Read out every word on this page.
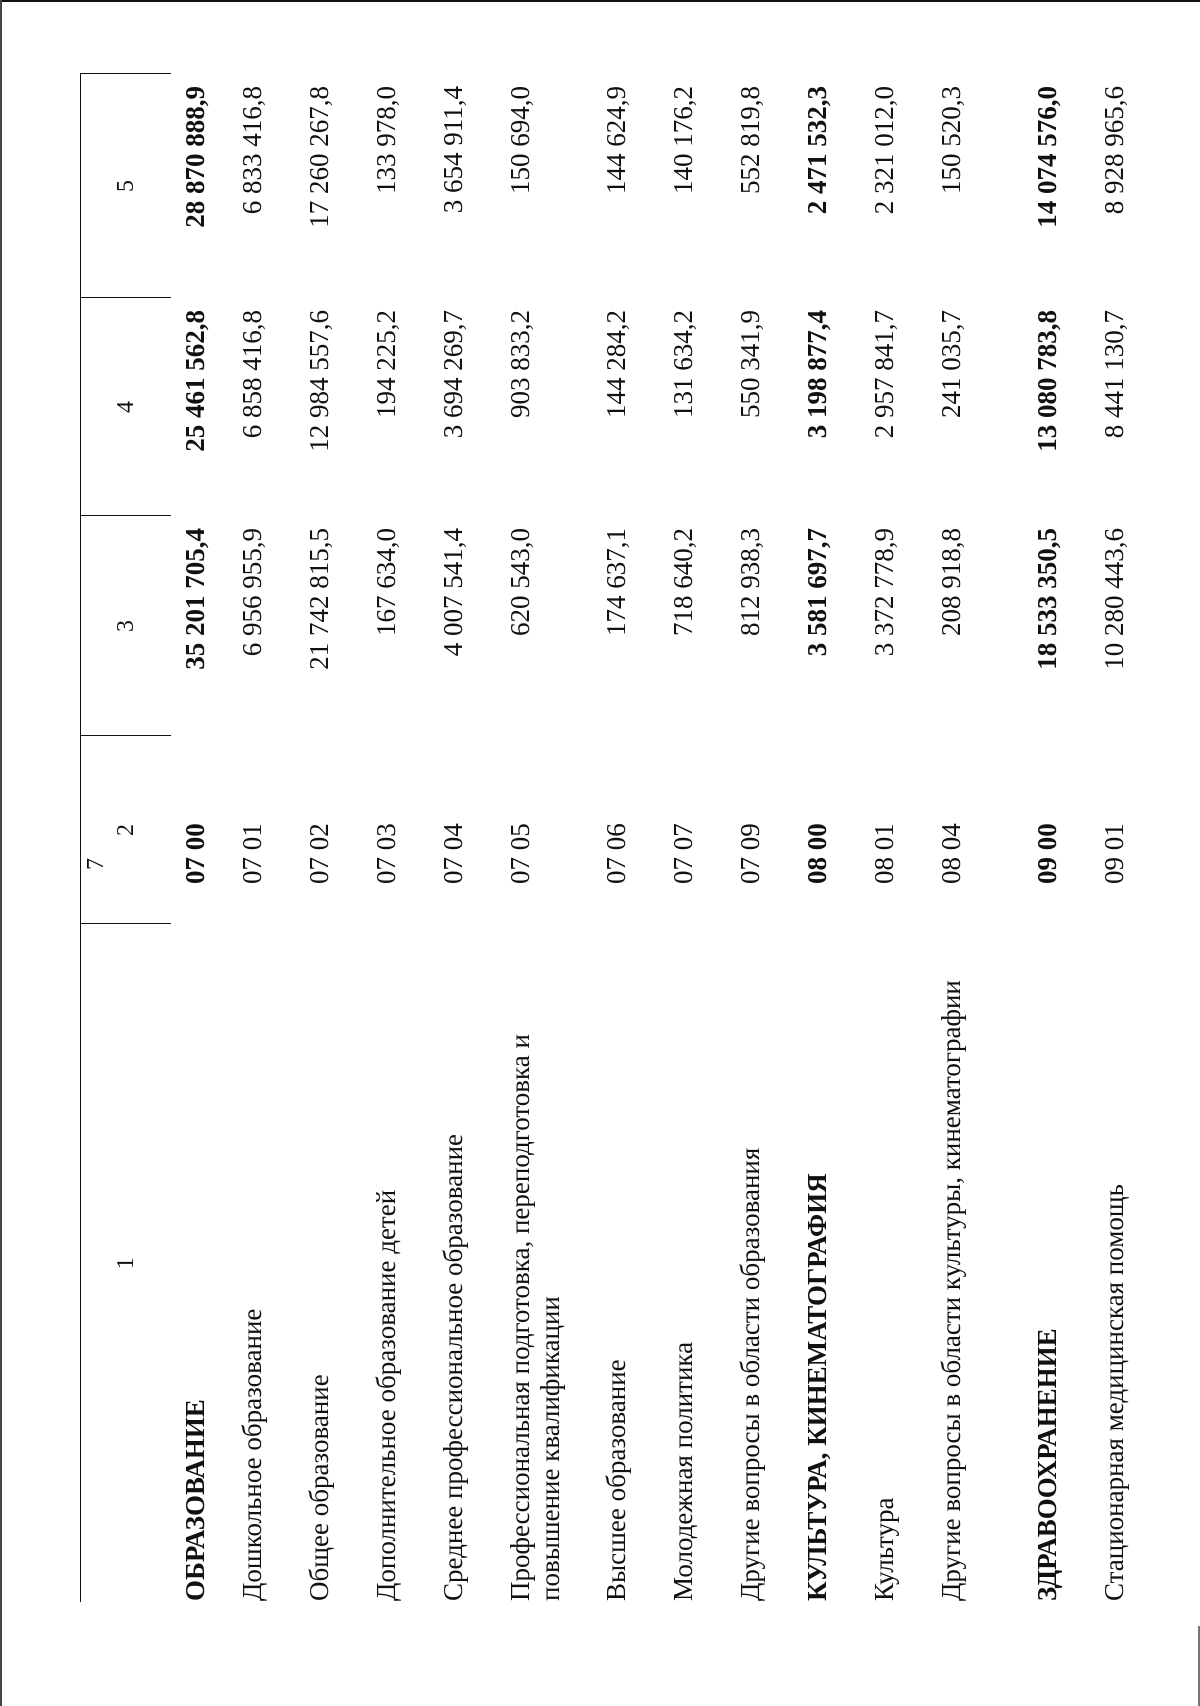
7
1	2	3	4	5
ОБРАЗОВАНИЕ	07 00	35 201 705,4	25 461 562,8	28 870 888,9
Дошкольное образование	07 01	6 956 955,9	6 858 416,8	6 833 416,8
Общее образование	07 02	21 742 815,5	12 984 557,6	17 260 267,8
Дополнительное образование детей	07 03	167 634,0	194 225,2	133 978,0
Среднее профессиональное образование	07 04	4 007 541,4	3 694 269,7	3 654 911,4
Профессиональная подготовка, переподготовка и повышение квалификации	07 05	620 543,0	903 833,2	150 694,0
Высшее образование	07 06	174 637,1	144 284,2	144 624,9
Молодежная политика	07 07	718 640,2	131 634,2	140 176,2
Другие вопросы в области образования	07 09	812 938,3	550 341,9	552 819,8
КУЛЬТУРА, КИНЕМАТОГРАФИЯ	08 00	3 581 697,7	3 198 877,4	2 471 532,3
Культура	08 01	3 372 778,9	2 957 841,7	2 321 012,0
Другие вопросы в области культуры, кинематографии	08 04	208 918,8	241 035,7	150 520,3
ЗДРАВООХРАНЕНИЕ	09 00	18 533 350,5	13 080 783,8	14 074 576,0
Стационарная медицинская помощь	09 01	10 280 443,6	8 441 130,7	8 928 965,6
